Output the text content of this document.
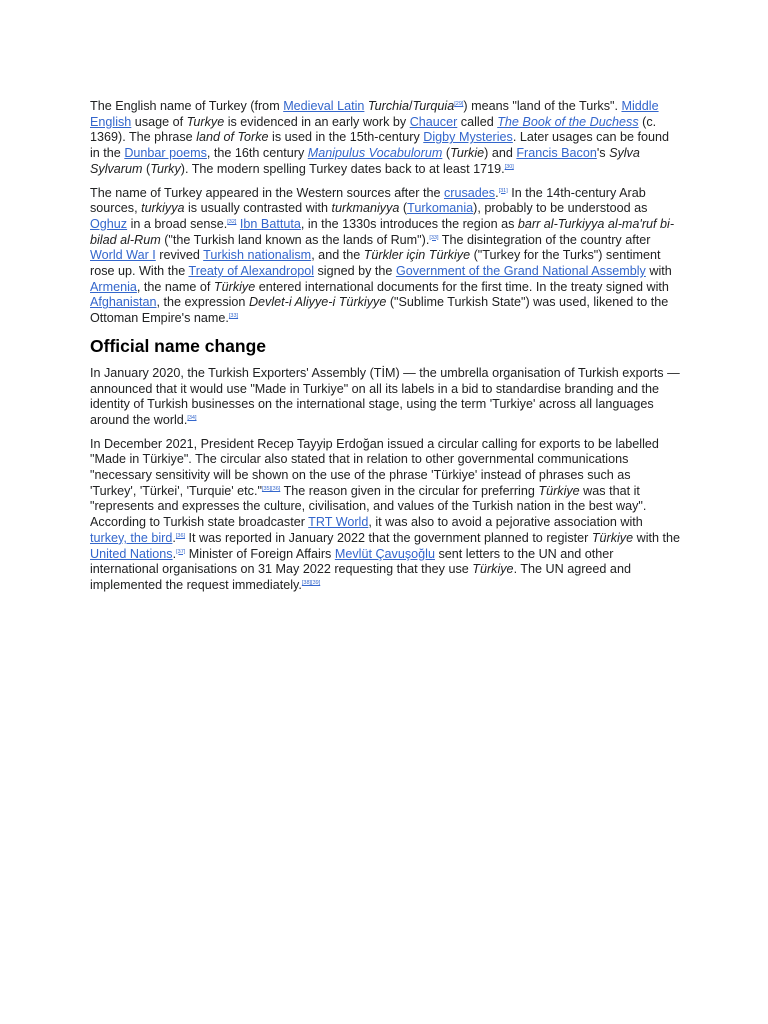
The English name of Turkey (from Medieval Latin Turchia/Turquia[29]) means "land of the Turks". Middle English usage of Turkye is evidenced in an early work by Chaucer called The Book of the Duchess (c. 1369). The phrase land of Torke is used in the 15th-century Digby Mysteries. Later usages can be found in the Dunbar poems, the 16th century Manipulus Vocabulorum (Turkie) and Francis Bacon's Sylva Sylvarum (Turky). The modern spelling Turkey dates back to at least 1719.[30]

The name of Turkey appeared in the Western sources after the crusades.[31] In the 14th-century Arab sources, turkiyya is usually contrasted with turkmaniyya (Turkomania), probably to be understood as Oghuz in a broad sense.[32] Ibn Battuta, in the 1330s introduces the region as barr al-Turkiyya al-ma'ruf bi-bilad al-Rum ("the Turkish land known as the lands of Rum").[33] The disintegration of the country after World War I revived Turkish nationalism, and the Türkler için Türkiye ("Turkey for the Turks") sentiment rose up. With the Treaty of Alexandropol signed by the Government of the Grand National Assembly with Armenia, the name of Türkiye entered international documents for the first time. In the treaty signed with Afghanistan, the expression Devlet-i Aliyye-i Türkiyye ("Sublime Turkish State") was used, likened to the Ottoman Empire's name.[33]

Official name change

In January 2020, the Turkish Exporters' Assembly (TİM) — the umbrella organisation of Turkish exports — announced that it would use "Made in Turkiye" on all its labels in a bid to standardise branding and the identity of Turkish businesses on the international stage, using the term 'Turkiye' across all languages around the world.[34]

In December 2021, President Recep Tayyip Erdoğan issued a circular calling for exports to be labelled "Made in Türkiye". The circular also stated that in relation to other governmental communications "necessary sensitivity will be shown on the use of the phrase 'Türkiye' instead of phrases such as 'Turkey', 'Türkei', 'Turquie' etc."[35][36] The reason given in the circular for preferring Türkiye was that it "represents and expresses the culture, civilisation, and values of the Turkish nation in the best way". According to Turkish state broadcaster TRT World, it was also to avoid a pejorative association with turkey, the bird.[36] It was reported in January 2022 that the government planned to register Türkiye with the United Nations.[37] Minister of Foreign Affairs Mevlüt Çavuşoğlu sent letters to the UN and other international organisations on 31 May 2022 requesting that they use Türkiye. The UN agreed and implemented the request immediately.[38][39]
